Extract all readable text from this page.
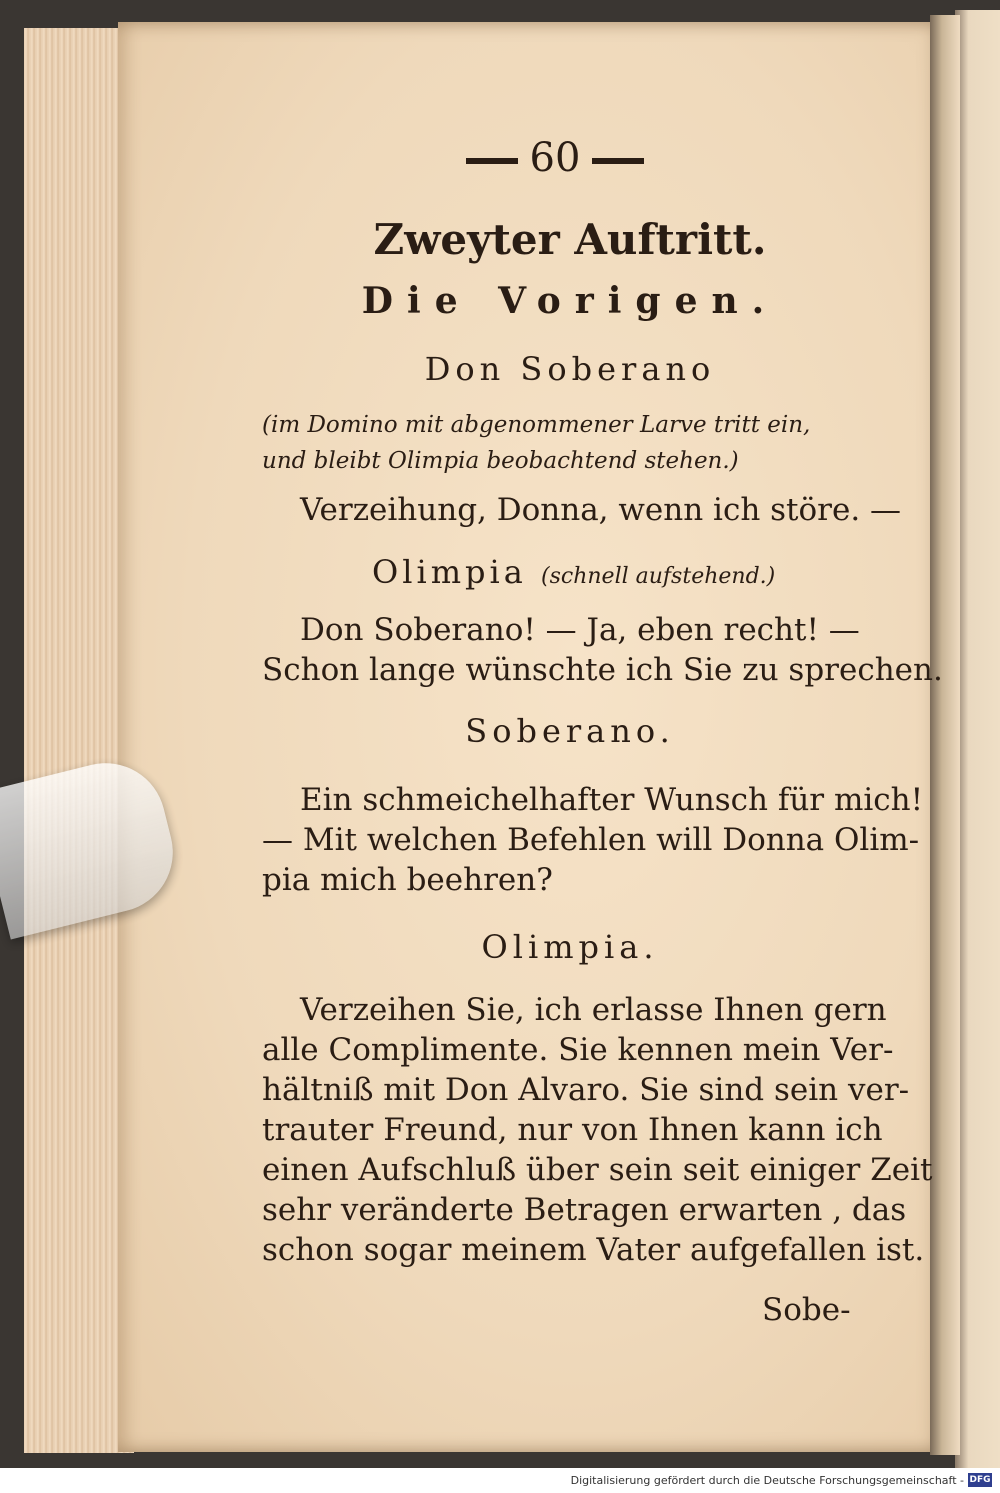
60
Zweyter Auftritt.
Die Vorigen.
Don Soberano
(im Domino mit abgenommener Larve tritt ein,
und bleibt Olimpia beobachtend stehen.)
Verzeihung, Donna, wenn ich störe. —
Olimpia (schnell aufstehend.)
Don Soberano! — Ja, eben recht! —
Schon lange wünschte ich Sie zu sprechen.
Soberano.
Ein schmeichelhafter Wunsch für mich!
— Mit welchen Befehlen will Donna Olim-
pia mich beehren?
Olimpia.
Verzeihen Sie, ich erlasse Ihnen gern
alle Complimente. Sie kennen mein Ver-
hältniß mit Don Alvaro. Sie sind sein ver-
trauter Freund, nur von Ihnen kann ich
einen Aufschluß über sein seit einiger Zeit
sehr veränderte Betragen erwarten , das
schon sogar meinem Vater aufgefallen ist.
Sobe-
Digitalisierung gefördert durch die Deutsche Forschungsgemeinschaft - DFG
